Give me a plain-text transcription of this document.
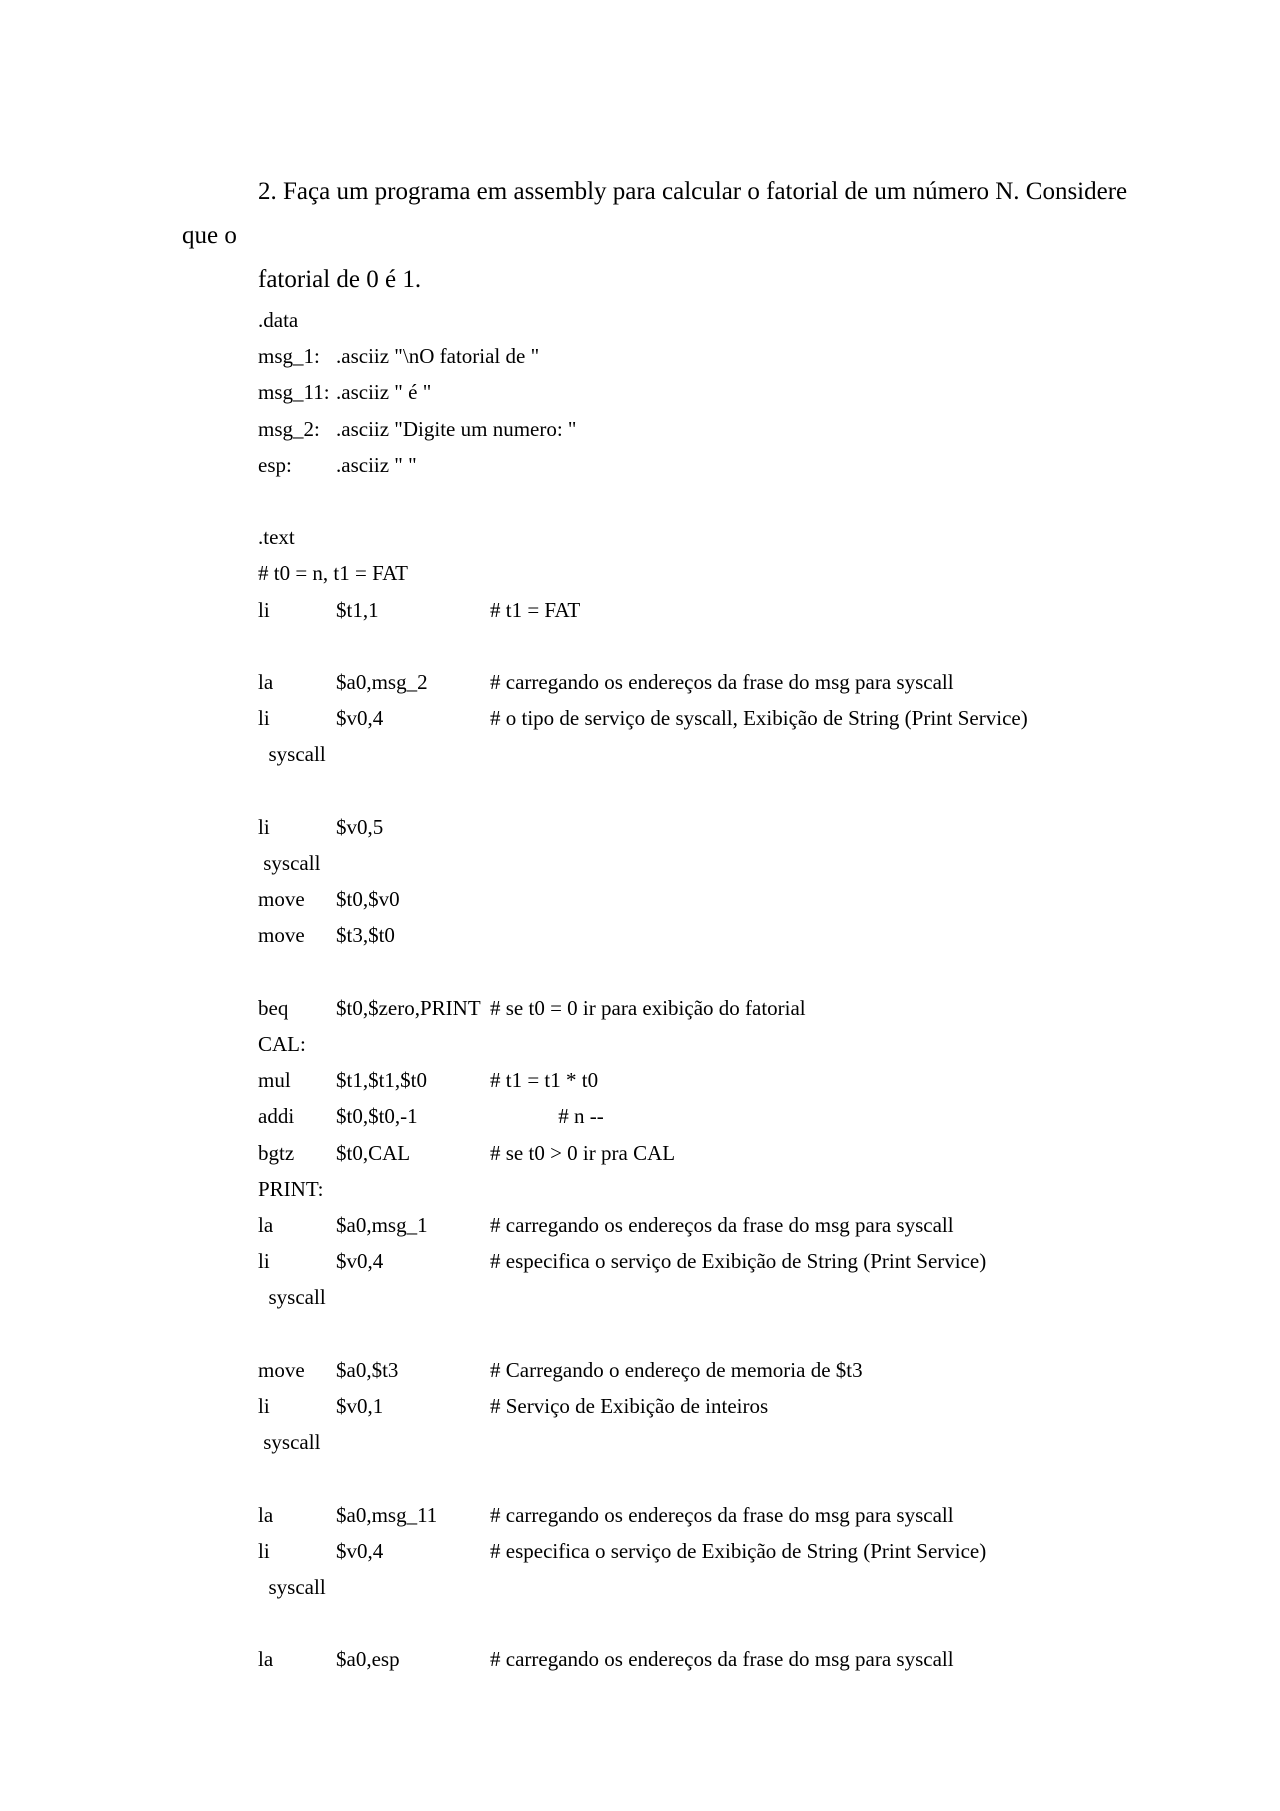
2. Faça um programa em assembly para calcular o fatorial de um número N. Considere
que o
fatorial de 0 é 1.
.data
msg_1: .asciiz "\nO fatorial de "
msg_11: .asciiz " é "
msg_2: .asciiz "Digite um numero: "
esp: .asciiz " "
.text
# t0 = n, t1 = FAT
li	$t1,1	# t1 = FAT
la	$a0,msg_2	# carregando os endereços da frase do msg para syscall
li	$v0,4	# o tipo de serviço de syscall, Exibição de String (Print Service)
syscall
li	$v0,5
syscall
move $t0,$v0
move $t3,$t0
beq $t0,$zero,PRINT # se t0 = 0 ir para exibição do fatorial
CAL:
mul $t1,$t1,$t0	# t1 = t1 * t0
addi $t0,$t0,-1	# n --
bgtz $t0,CAL	# se t0 > 0 ir pra CAL
PRINT:
la	$a0,msg_1	# carregando os endereços da frase do msg para syscall
li	$v0,4	# especifica o serviço de Exibição de String (Print Service)
syscall
move $a0,$t3	# Carregando o endereço de memoria de $t3
li	$v0,1	# Serviço de Exibição de inteiros
syscall
la	$a0,msg_11	# carregando os endereços da frase do msg para syscall
li	$v0,4	# especifica o serviço de Exibição de String (Print Service)
syscall
la	$a0,esp	# carregando os endereços da frase do msg para syscall
